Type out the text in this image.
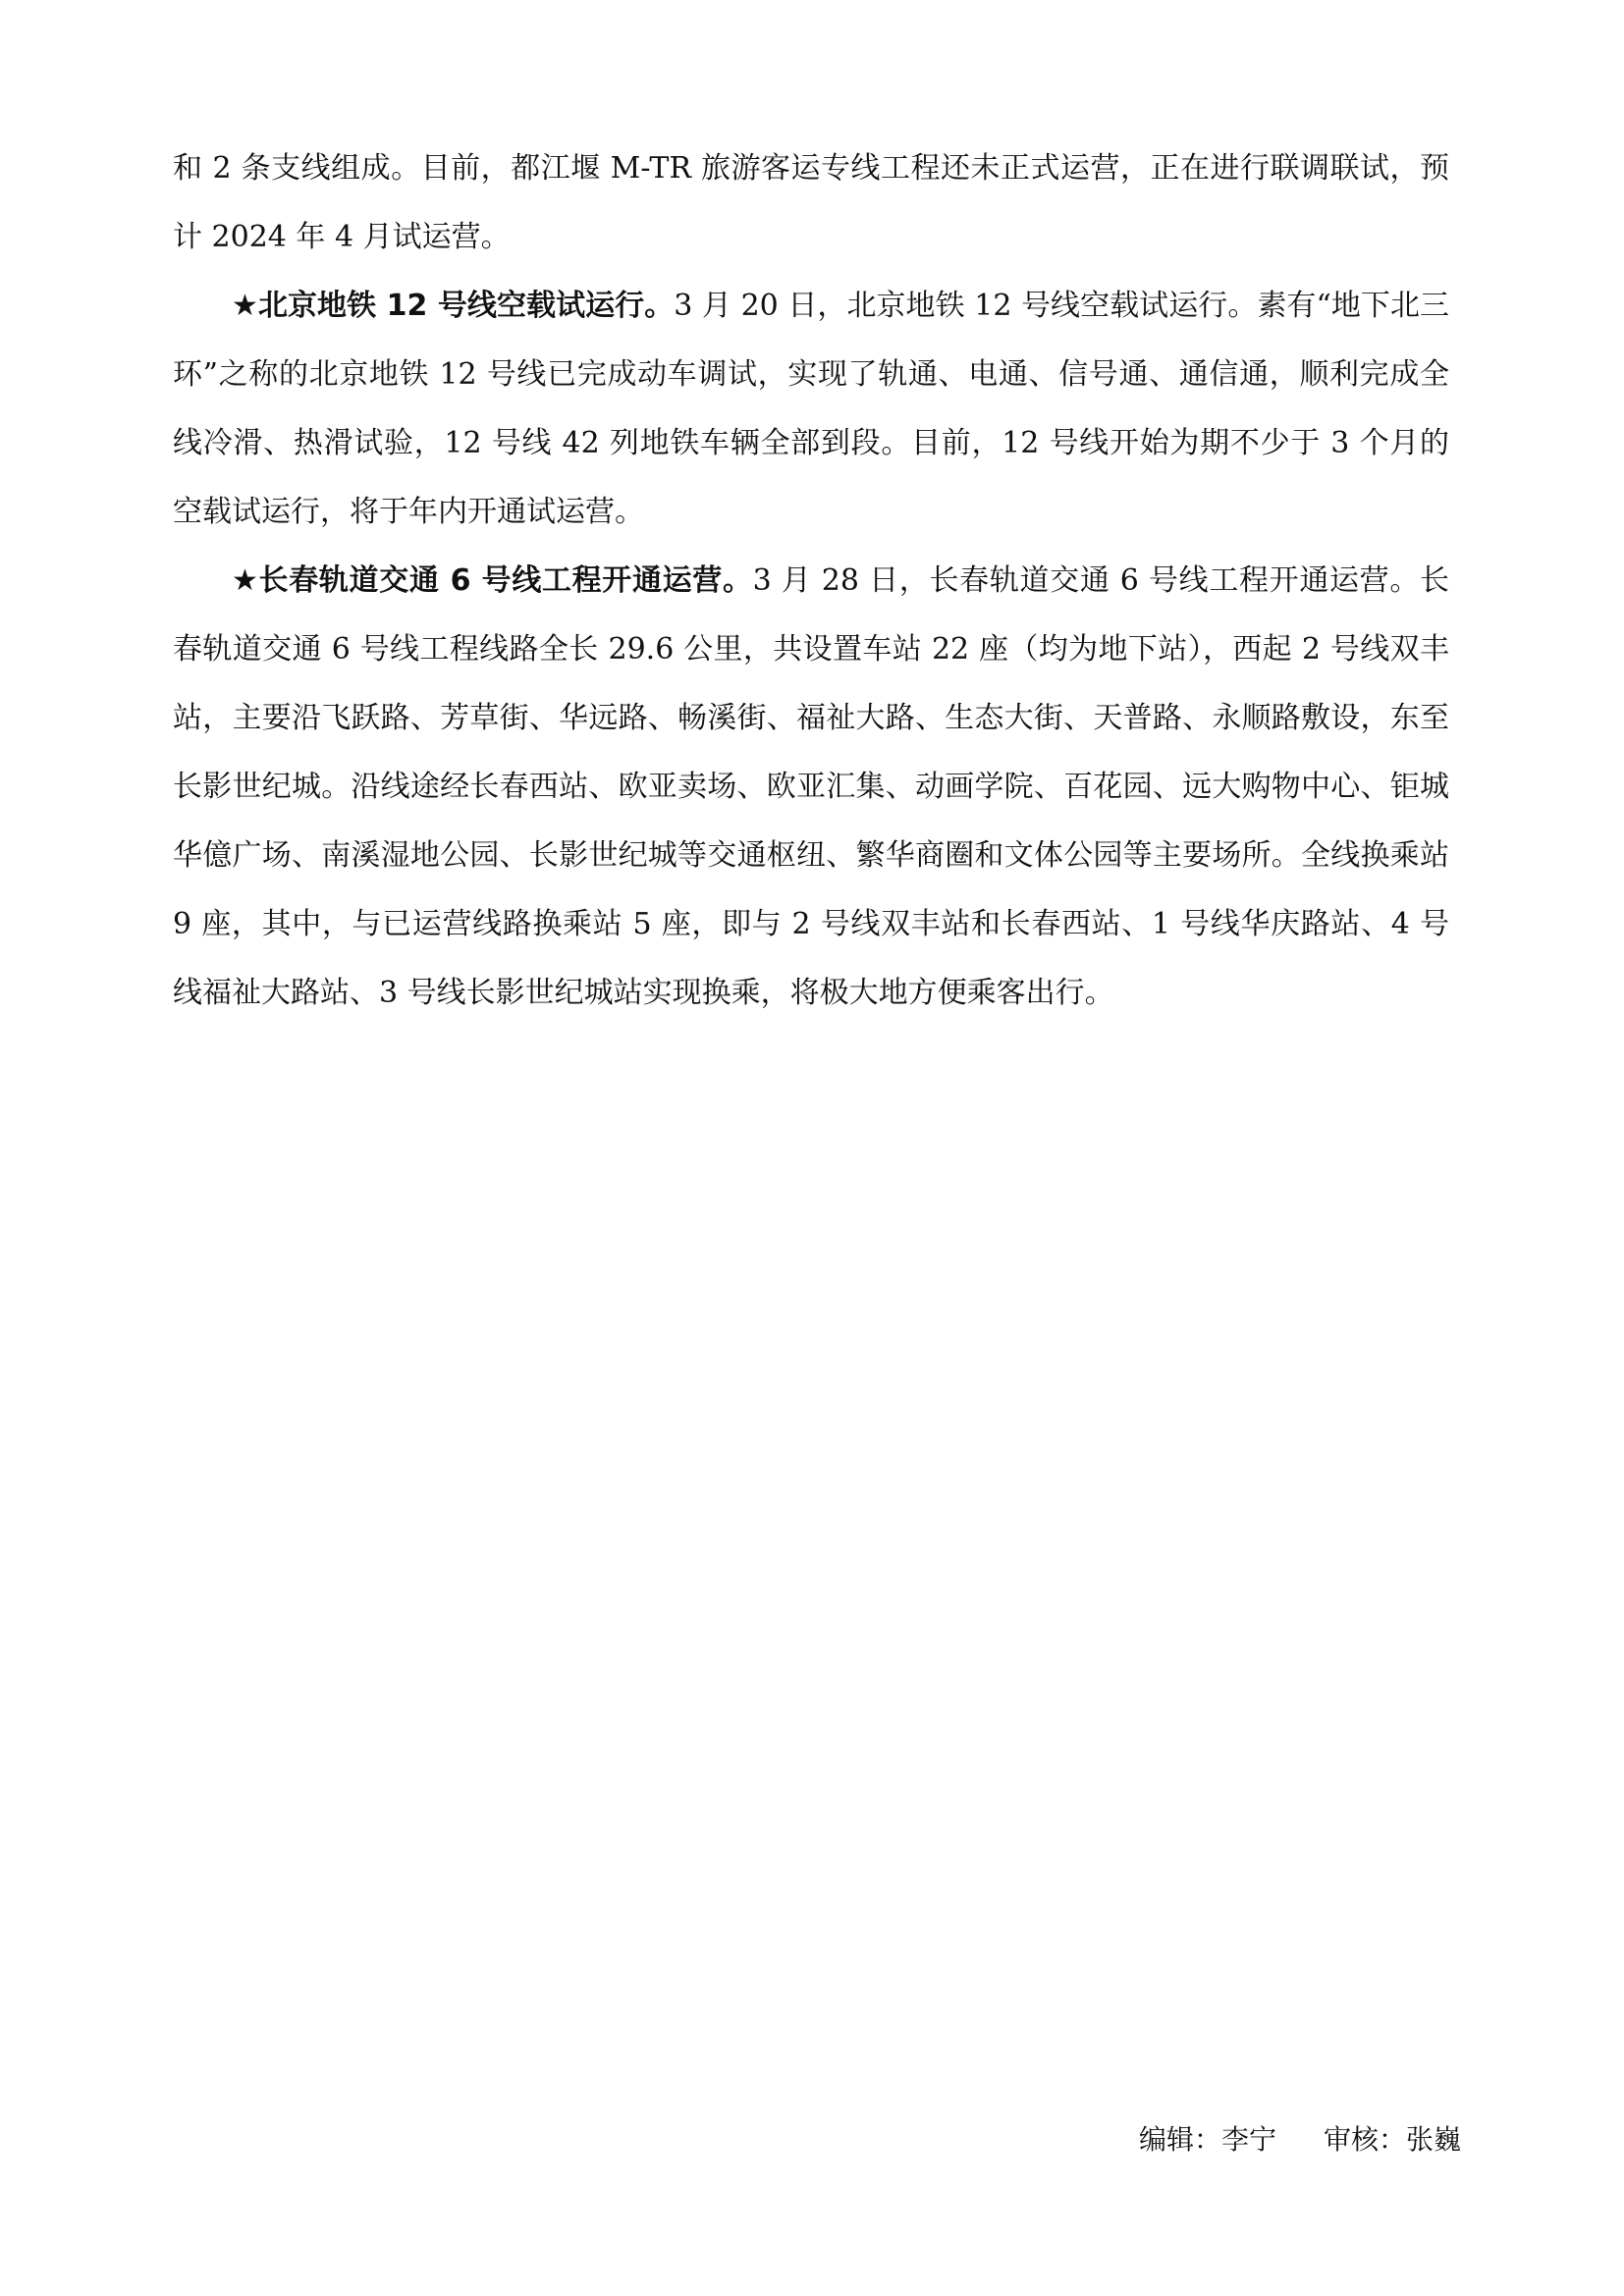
和 2 条支线组成。目前，都江堰 M-TR 旅游客运专线工程还未正式运营，正在进行联调联试，预计 2024 年 4 月试运营。

★北京地铁 12 号线空载试运行。3 月 20 日，北京地铁 12 号线空载试运行。素有“地下北三环”之称的北京地铁 12 号线已完成动车调试，实现了轨通、电通、信号通、通信通，顺利完成全线冷滑、热滑试验，12 号线 42 列地铁车辆全部到段。目前，12 号线开始为期不少于 3 个月的空载试运行，将于年内开通试运营。

★长春轨道交通 6 号线工程开通运营。3 月 28 日，长春轨道交通 6 号线工程开通运营。长春轨道交通 6 号线工程线路全长 29.6 公里，共设置车站 22 座（均为地下站），西起 2 号线双丰站，主要沿飞跃路、芳草街、华远路、畅溪街、福祉大路、生态大街、天普路、永顺路敷设，东至长影世纪城。沿线途经长春西站、欧亚卖场、欧亚汇集、动画学院、百花园、远大购物中心、钜城华億广场、南溪湿地公园、长影世纪城等交通枢纽、繁华商圈和文体公园等主要场所。全线换乘站 9 座，其中，与已运营线路换乘站 5 座，即与 2 号线双丰站和长春西站、1 号线华庆路站、4 号线福祉大路站、3 号线长影世纪城站实现换乘，将极大地方便乘客出行。

编辑：李宁 审核：张巍
